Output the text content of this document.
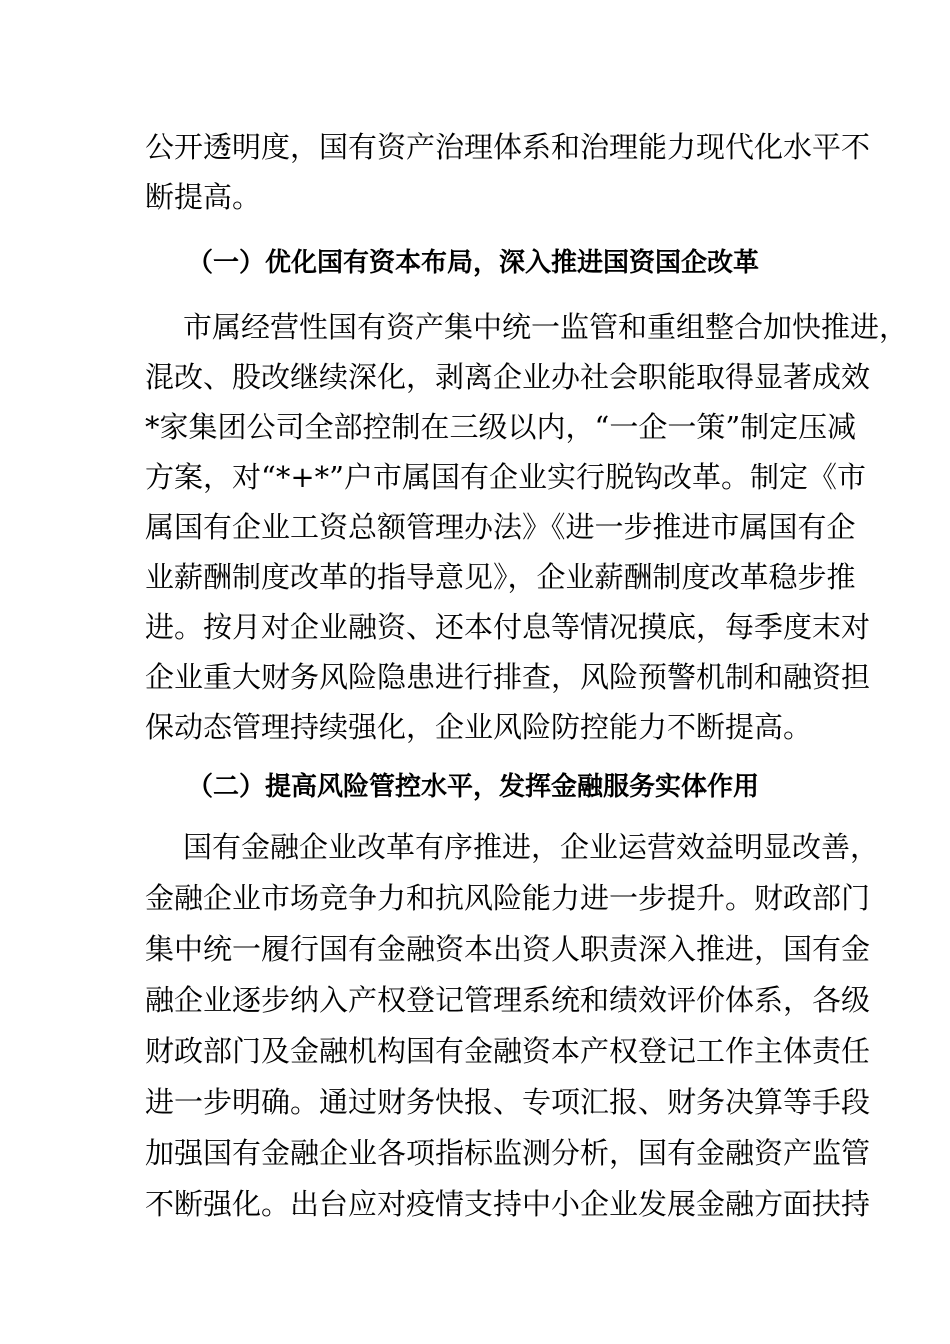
公开透明度，国有资产治理体系和治理能力现代化水平不
断提高。
（一）优化国有资本布局，深入推进国资国企改革
市属经营性国有资产集中统一监管和重组整合加快推进，
混改、股改继续深化，剥离企业办社会职能取得显著成效
*家集团公司全部控制在三级以内，“一企一策”制定压减
方案，对“*+*”户市属国有企业实行脱钩改革。制定《市
属国有企业工资总额管理办法》《进一步推进市属国有企
业薪酬制度改革的指导意见》，企业薪酬制度改革稳步推
进。按月对企业融资、还本付息等情况摸底，每季度末对
企业重大财务风险隐患进行排查，风险预警机制和融资担
保动态管理持续强化，企业风险防控能力不断提高。
（二）提高风险管控水平，发挥金融服务实体作用
国有金融企业改革有序推进，企业运营效益明显改善，
金融企业市场竞争力和抗风险能力进一步提升。财政部门
集中统一履行国有金融资本出资人职责深入推进，国有金
融企业逐步纳入产权登记管理系统和绩效评价体系，各级
财政部门及金融机构国有金融资本产权登记工作主体责任
进一步明确。通过财务快报、专项汇报、财务决算等手段
加强国有金融企业各项指标监测分析，国有金融资产监管
不断强化。出台应对疫情支持中小企业发展金融方面扶持
